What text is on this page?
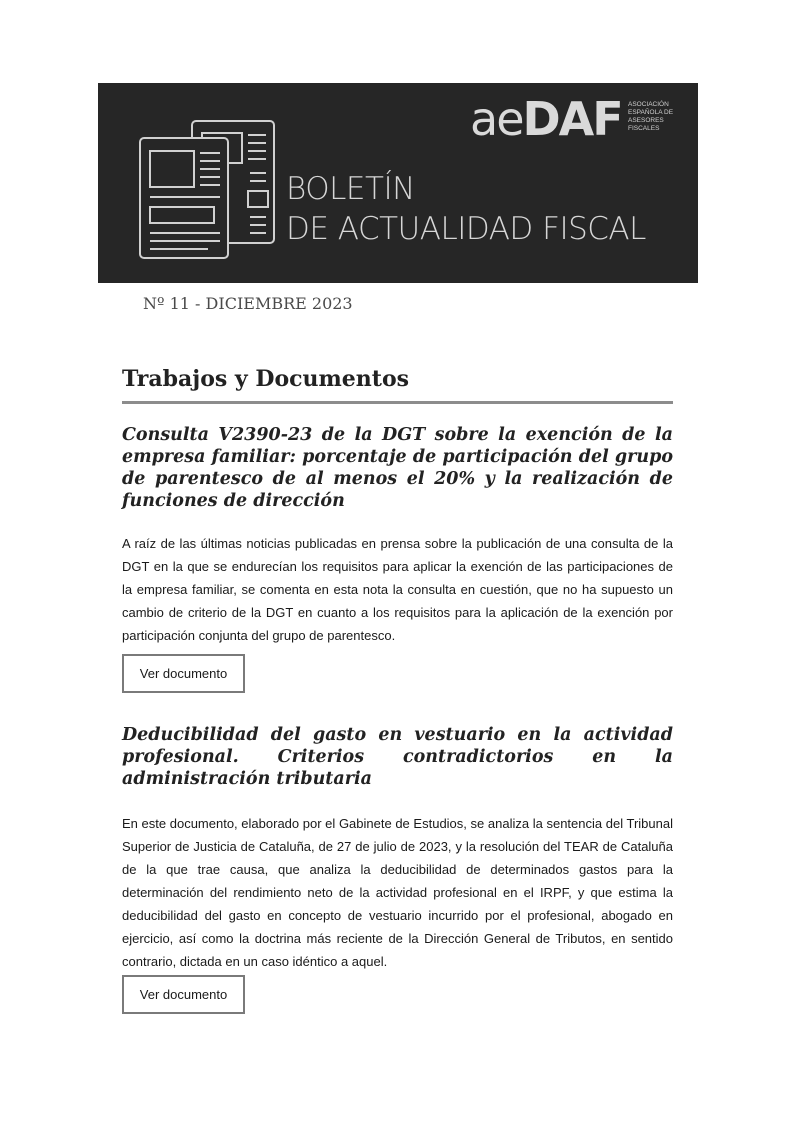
aeDAF ASOCIACIÓN ESPAÑOLA DE ASESORES FISCALES
BOLETÍN
DE ACTUALIDAD FISCAL
Nº 11 - DICIEMBRE 2023
Trabajos y Documentos
Consulta V2390-23 de la DGT sobre la exención de la empresa familiar: porcentaje de participación del grupo de parentesco de al menos el 20% y la realización de funciones de dirección
A raíz de las últimas noticias publicadas en prensa sobre la publicación de una consulta de la DGT en la que se endurecían los requisitos para aplicar la exención de las participaciones de la empresa familiar, se comenta en esta nota la consulta en cuestión, que no ha supuesto un cambio de criterio de la DGT en cuanto a los requisitos para la aplicación de la exención por participación conjunta del grupo de parentesco.
Ver documento
Deducibilidad del gasto en vestuario en la actividad profesional. Criterios contradictorios en la administración tributaria
En este documento, elaborado por el Gabinete de Estudios, se analiza la sentencia del Tribunal Superior de Justicia de Cataluña, de 27 de julio de 2023, y la resolución del TEAR de Cataluña de la que trae causa, que analiza la deducibilidad de determinados gastos para la determinación del rendimiento neto de la actividad profesional en el IRPF, y que estima la deducibilidad del gasto en concepto de vestuario incurrido por el profesional, abogado en ejercicio, así como la doctrina más reciente de la Dirección General de Tributos, en sentido contrario, dictada en un caso idéntico a aquel.
Ver documento
